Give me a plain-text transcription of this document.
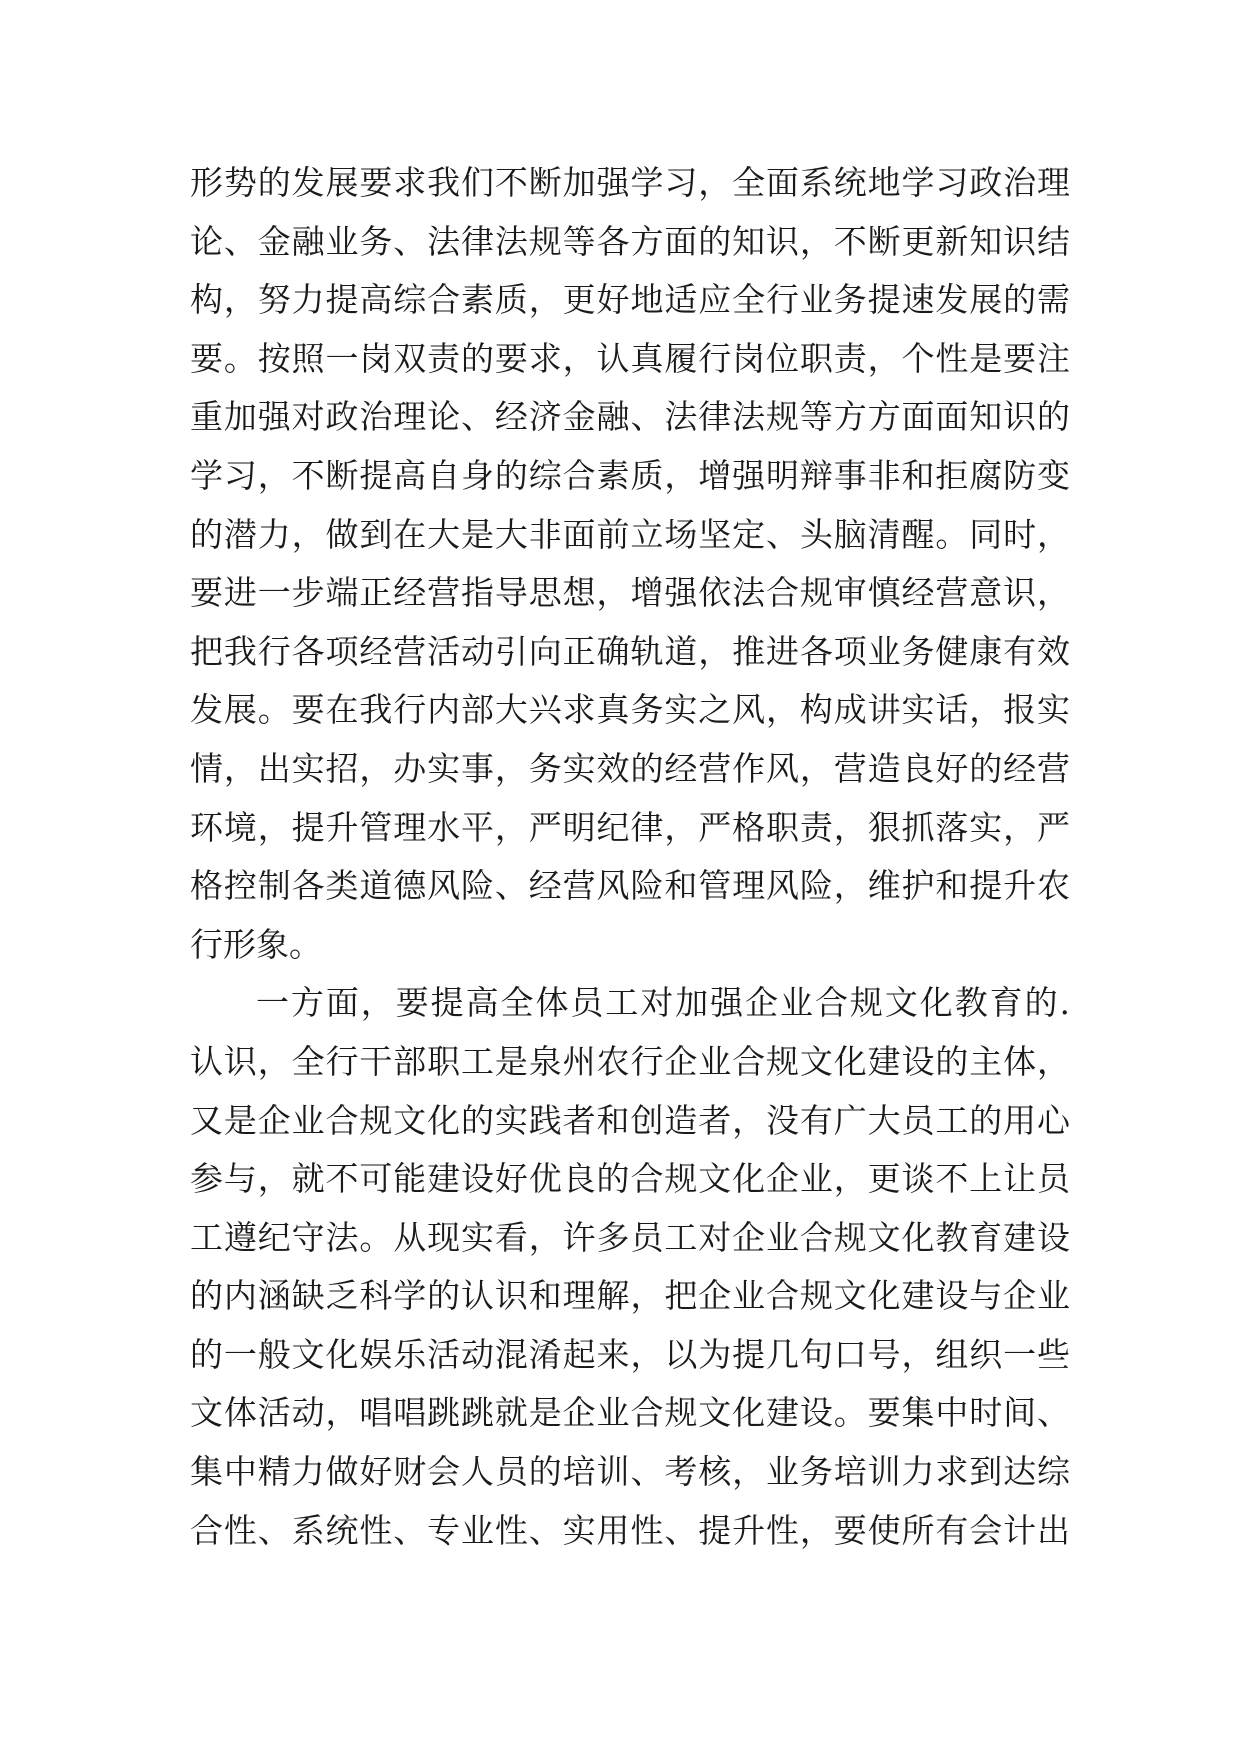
形势的发展要求我们不断加强学习，全面系统地学习政治理
论、金融业务、法律法规等各方面的知识，不断更新知识结
构，努力提高综合素质，更好地适应全行业务提速发展的需
要。按照一岗双责的要求，认真履行岗位职责，个性是要注
重加强对政治理论、经济金融、法律法规等方方面面知识的
学习，不断提高自身的综合素质，增强明辩事非和拒腐防变
的潜力，做到在大是大非面前立场坚定、头脑清醒。同时，
要进一步端正经营指导思想，增强依法合规审慎经营意识，
把我行各项经营活动引向正确轨道，推进各项业务健康有效
发展。要在我行内部大兴求真务实之风，构成讲实话，报实
情，出实招，办实事，务实效的经营作风，营造良好的经营
环境，提升管理水平，严明纪律，严格职责，狠抓落实，严
格控制各类道德风险、经营风险和管理风险，维护和提升农
行形象。
一方面，要提高全体员工对加强企业合规文化教育的.
认识，全行干部职工是泉州农行企业合规文化建设的主体，
又是企业合规文化的实践者和创造者，没有广大员工的用心
参与，就不可能建设好优良的合规文化企业，更谈不上让员
工遵纪守法。从现实看，许多员工对企业合规文化教育建设
的内涵缺乏科学的认识和理解，把企业合规文化建设与企业
的一般文化娱乐活动混淆起来，以为提几句口号，组织一些
文体活动，唱唱跳跳就是企业合规文化建设。要集中时间、
集中精力做好财会人员的培训、考核，业务培训力求到达综
合性、系统性、专业性、实用性、提升性，要使所有会计出
